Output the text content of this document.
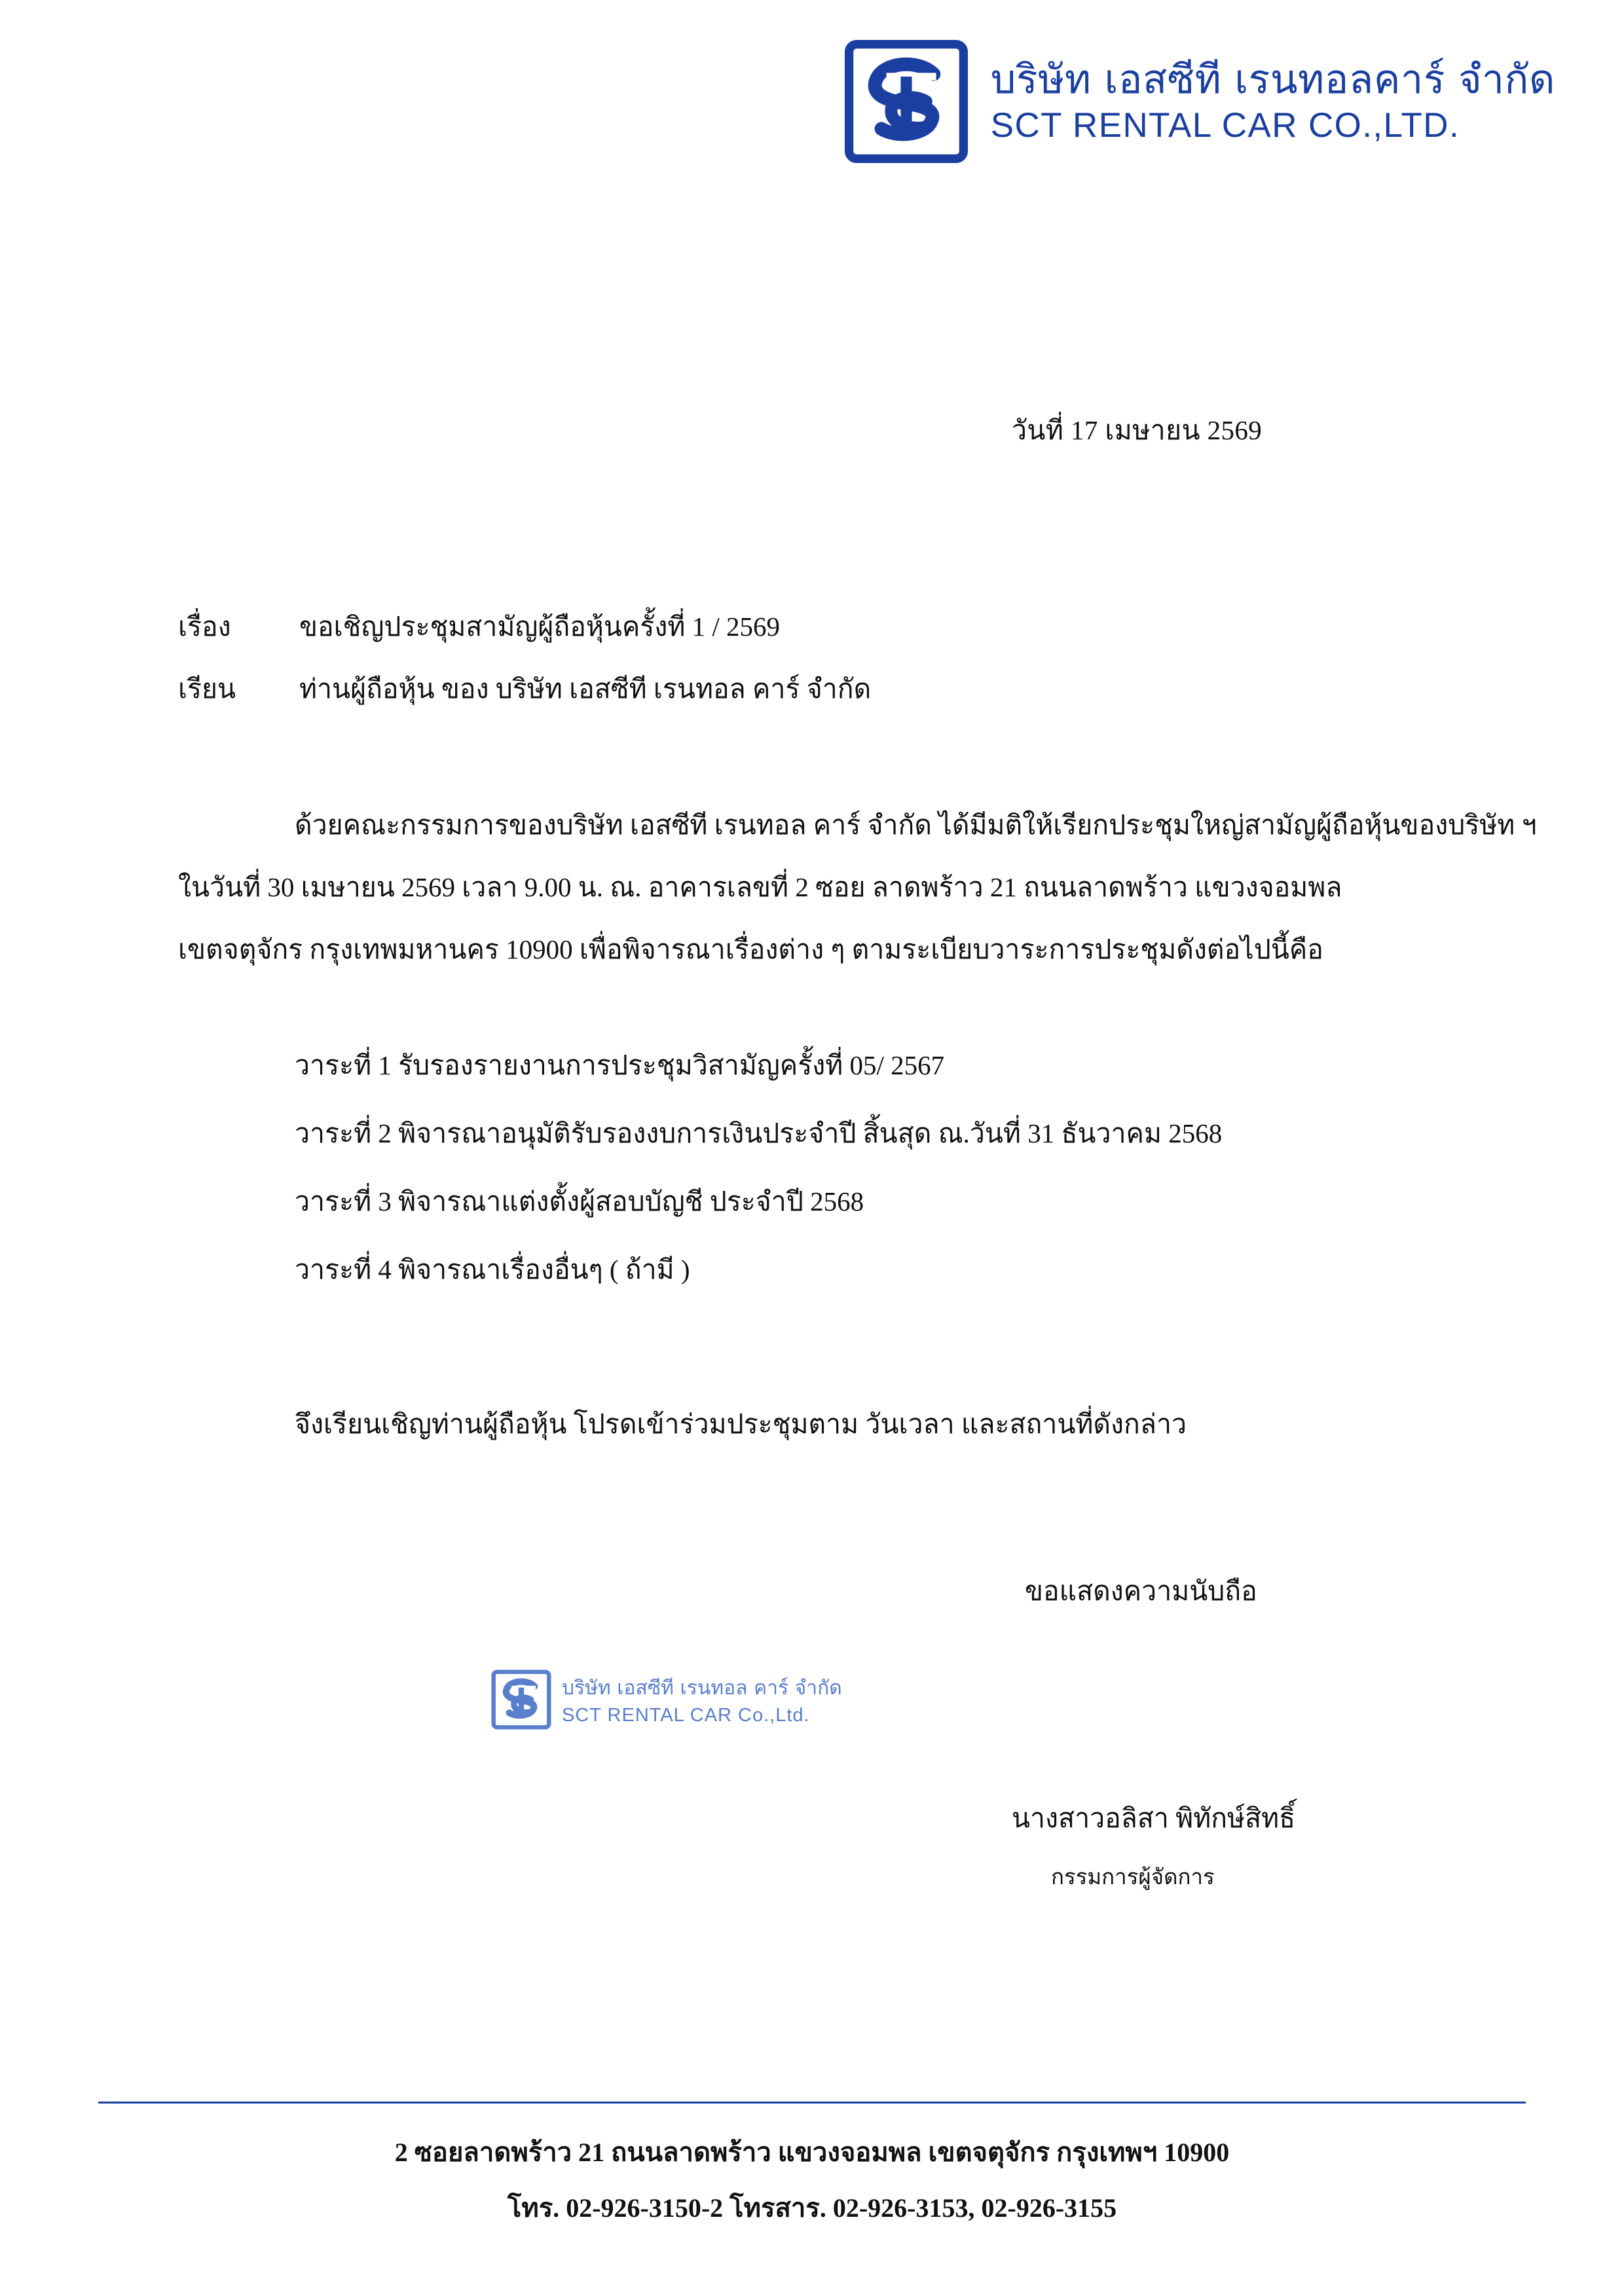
บริษัท เอสซีที เรนทอลคาร์ จำกัด
SCT RENTAL CAR CO.,LTD.
วันที่ 17 เมษายน 2569
เรื่อง	ขอเชิญประชุมสามัญผู้ถือหุ้นครั้งที่ 1 / 2569
เรียน	ท่านผู้ถือหุ้น ของ บริษัท เอสซีที เรนทอล คาร์ จำกัด
ด้วยคณะกรรมการของบริษัท เอสซีที เรนทอล คาร์ จำกัด ได้มีมติให้เรียกประชุมใหญ่สามัญผู้ถือหุ้นของบริษัท ฯ
ในวันที่ 30 เมษายน 2569 เวลา 9.00 น. ณ. อาคารเลขที่ 2 ซอย ลาดพร้าว 21 ถนนลาดพร้าว แขวงจอมพล
เขตจตุจักร กรุงเทพมหานคร 10900 เพื่อพิจารณาเรื่องต่าง ๆ ตามระเบียบวาระการประชุมดังต่อไปนี้คือ
วาระที่ 1 รับรองรายงานการประชุมวิสามัญครั้งที่ 05/ 2567
วาระที่ 2 พิจารณาอนุมัติรับรองงบการเงินประจำปี สิ้นสุด ณ.วันที่ 31 ธันวาคม 2568
วาระที่ 3 พิจารณาแต่งตั้งผู้สอบบัญชี ประจำปี 2568
วาระที่ 4 พิจารณาเรื่องอื่นๆ ( ถ้ามี )
จึงเรียนเชิญท่านผู้ถือหุ้น โปรดเข้าร่วมประชุมตาม วันเวลา และสถานที่ดังกล่าว
ขอแสดงความนับถือ
บริษัท เอสซีที เรนทอล คาร์ จำกัด
SCT RENTAL CAR Co.,Ltd.
นางสาวอลิสา พิทักษ์สิทธิ์
กรรมการผู้จัดการ
2 ซอยลาดพร้าว 21 ถนนลาดพร้าว แขวงจอมพล เขตจตุจักร กรุงเทพฯ 10900
โทร. 02-926-3150-2 โทรสาร. 02-926-3153, 02-926-3155
